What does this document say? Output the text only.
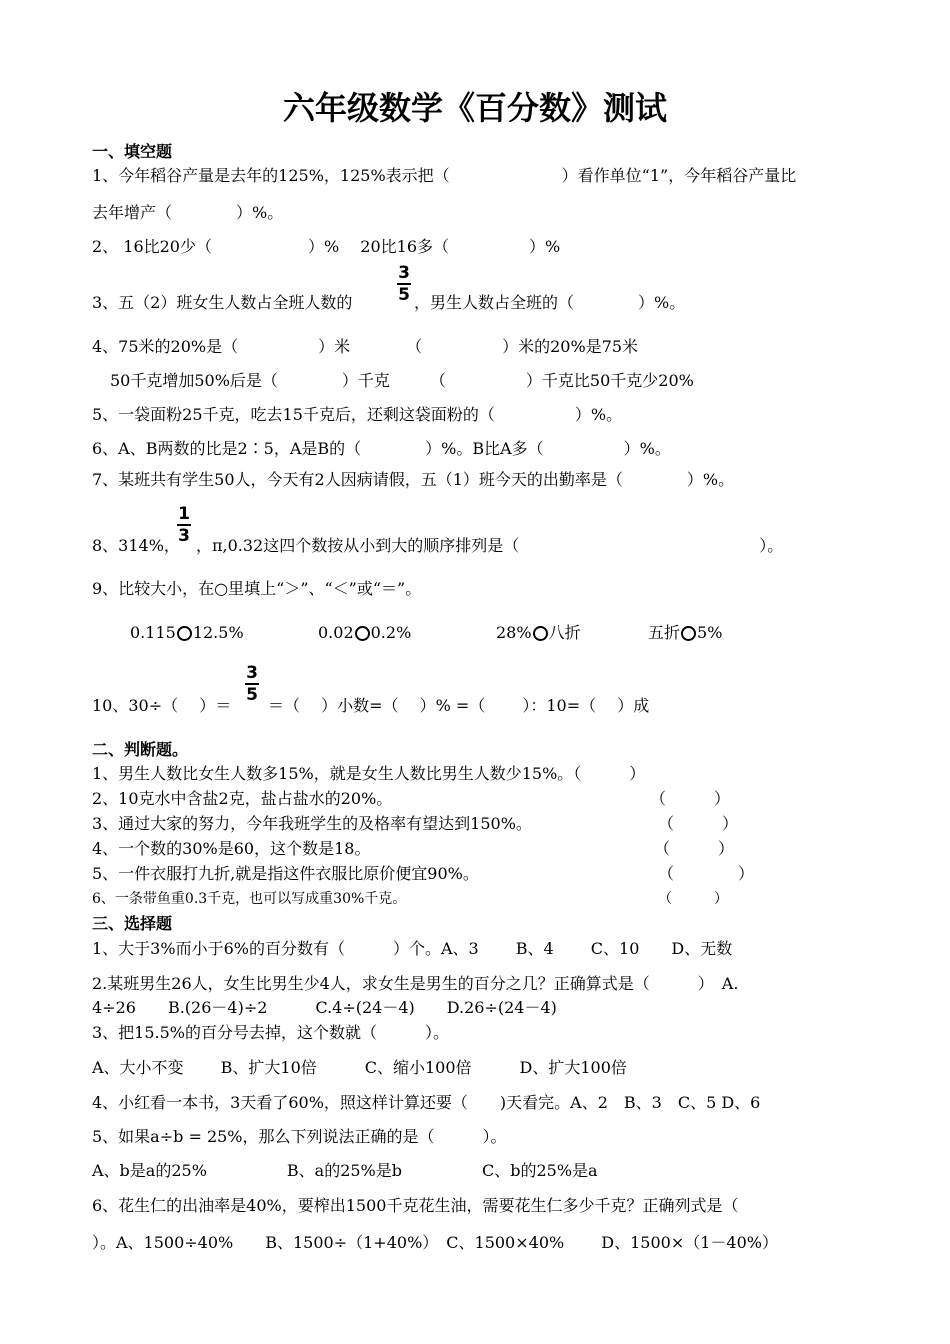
六年级数学《百分数》测试
一、填空题
1、今年稻谷产量是去年的125%，125%表示把（　　　　　　　）看作单位“1”，今年稻谷产量比
去年增产（　　　　）%。
2、 16比20少（　　　　　　）%　 20比16多（　　　　　）%
3、五（2）班女生人数占全班人数的
3
5 ，男生人数占全班的（　　　　）%。
4、75米的20%是（　　　　　）米　　　　（　　　　　）米的20%是75米
50千克增加50%后是（　　　　）千克　　　（　　　　　）千克比50千克少20%
5、一袋面粉25千克，吃去15千克后，还剩这袋面粉的（　　　　　）%。
6、A、B两数的比是2∶5，A是B的（　　　　）%。B比A多（　　　　　）%。
7、某班共有学生50人，今天有2人因病请假，五（1）班今天的出勤率是（　　　　）%。
8、314%，
1
3 ，π,0.32这四个数按从小到大的顺序排列是（　　　　　　　　　　　　　　　）。
9、比较大小，在○里填上“＞”、“＜”或“＝”。
0.115 12.5%	0.02 0.2%	28% 八折	五折 5%
10、30÷（　 ）＝
3
5
＝（　 ）小数=（　 ）% =（　　 ）：10=（　 ）成
二、判断题。
1、男生人数比女生人数多15%，就是女生人数比男生人数少15%。（　　　）
2、10克水中含盐2克，盐占盐水的20%。	（　　　）
3、通过大家的努力，今年我班学生的及格率有望达到150%。	（　　　）
4、一个数的30%是60，这个数是18。	（　　　）
5、一件衣服打九折,就是指这件衣服比原价便宜90%。	（　　　　）
6、一条带鱼重0.3千克，也可以写成重30%千克。	（　　　）
三、选择题
1、大于3%而小于6%的百分数有（　　　）个。A、3　　 B、4　　 C、10　　D、无数
2.某班男生26人，女生比男生少4人，求女生是男生的百分之几？正确算式是（　　　）　A.
4÷26　　B.(26－4)÷2　　　C.4÷(24－4)　　D.26÷(24－4)
3、把15.5%的百分号去掉，这个数就（　　　）。
A、大小不变　　 B、扩大10倍　　　C、缩小100倍　　　D、扩大100倍
4、小红看一本书，3天看了60%，照这样计算还要（　　)天看完。A、2　B、3　C、5 D、6
5、如果a÷b = 25%，那么下列说法正确的是（　　　）。
A、b是a的25%　　　　　B、a的25%是b　　　　　C、b的25%是a
6、花生仁的出油率是40%，要榨出1500千克花生油，需要花生仁多少千克？正确列式是（
）。A、1500÷40%　　B、1500÷（1+40%）　C、1500×40%　　 D、1500×（1－40%）
